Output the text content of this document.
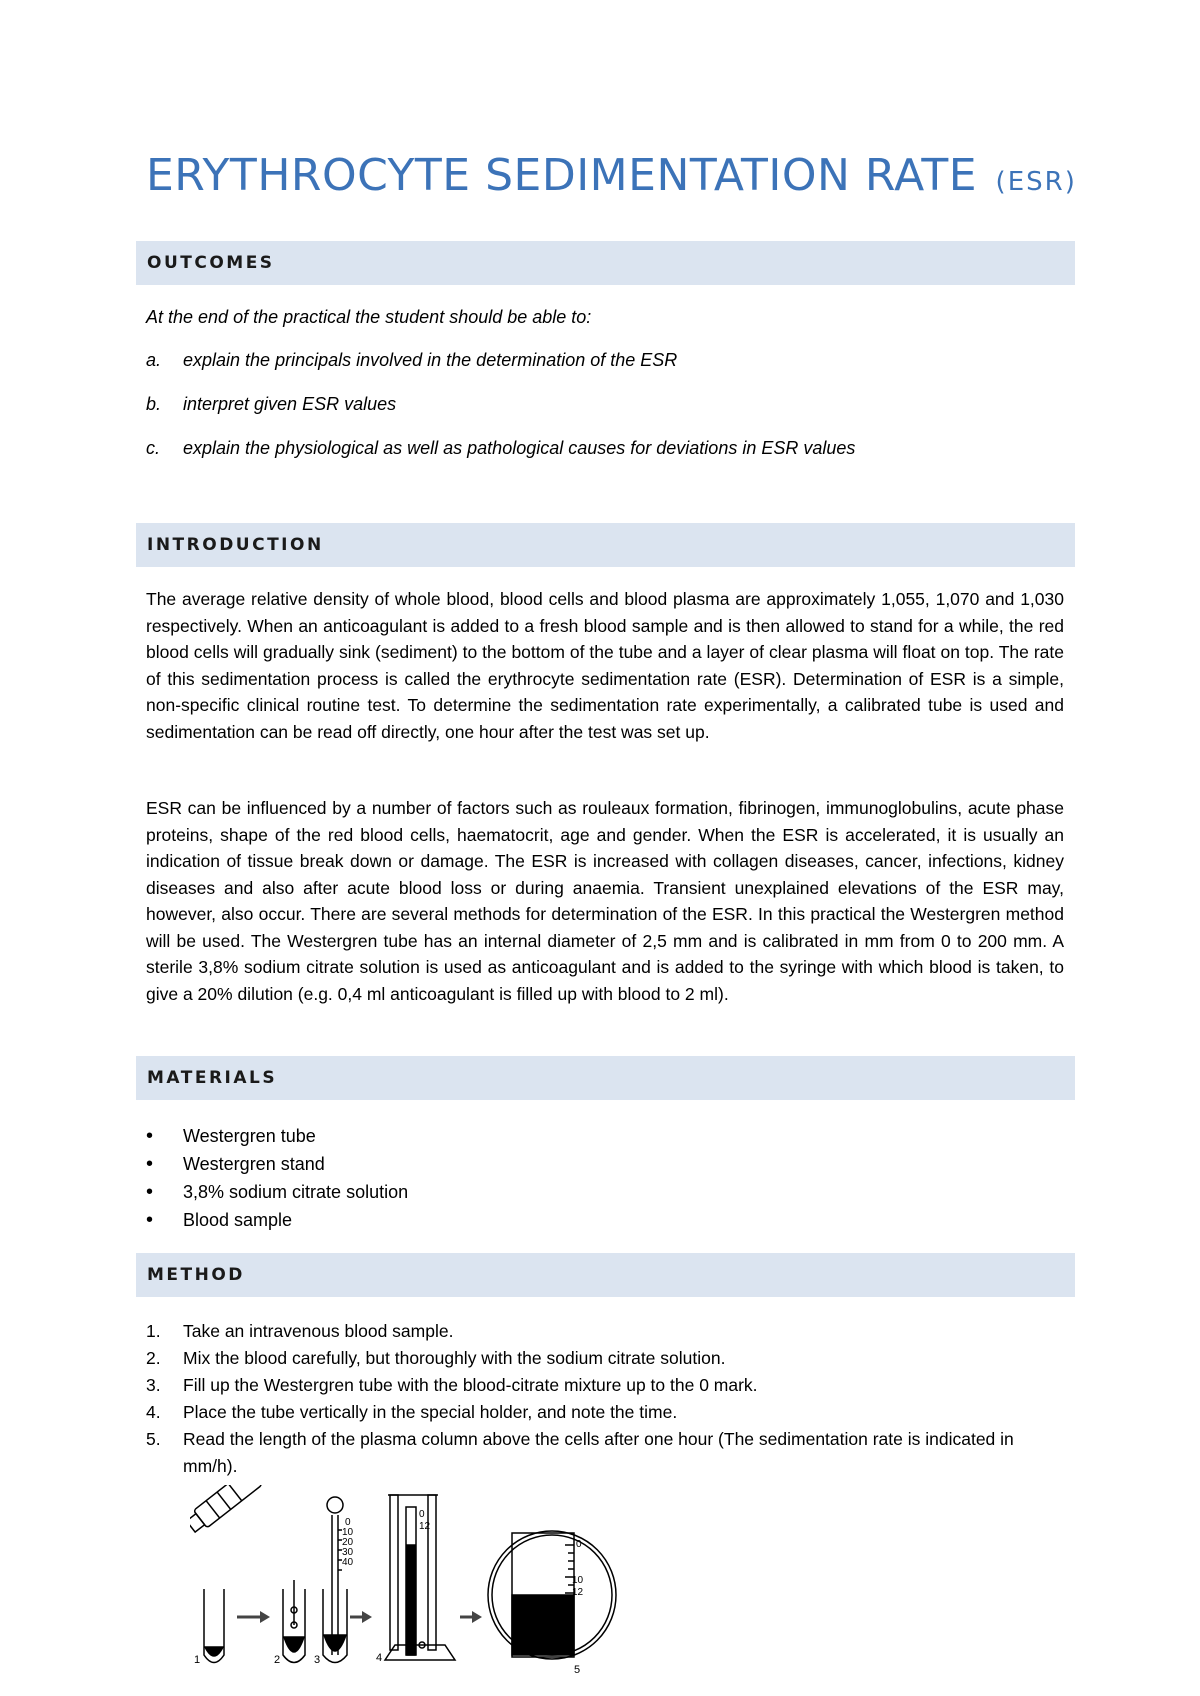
ERYTHROCYTE SEDIMENTATION RATE (ESR)
OUTCOMES
At the end of the practical the student should be able to:
a. explain the principals involved in the determination of the ESR
b. interpret given ESR values
c. explain the physiological as well as pathological causes for deviations in ESR values
INTRODUCTION

The average relative density of whole blood, blood cells and blood plasma are approximately 1,055, 1,070 and 1,030 respectively. When an anticoagulant is added to a fresh blood sample and is then allowed to stand for a while, the red blood cells will gradually sink (sediment) to the bottom of the tube and a layer of clear plasma will float on top. The rate of this sedimentation process is called the erythrocyte sedimentation rate (ESR). Determination of ESR is a simple, non-specific clinical routine test. To determine the sedimentation rate experimentally, a calibrated tube is used and sedimentation can be read off directly, one hour after the test was set up.

ESR can be influenced by a number of factors such as rouleaux formation, fibrinogen, immunoglobulins, acute phase proteins, shape of the red blood cells, haematocrit, age and gender. When the ESR is accelerated, it is usually an indication of tissue break down or damage. The ESR is increased with collagen diseases, cancer, infections, kidney diseases and also after acute blood loss or during anaemia. Transient unexplained elevations of the ESR may, however, also occur. There are several methods for determination of the ESR. In this practical the Westergren method will be used. The Westergren tube has an internal diameter of 2,5 mm and is calibrated in mm from 0 to 200 mm. A sterile 3,8% sodium citrate solution is used as anticoagulant and is added to the syringe with which blood is taken, to give a 20% dilution (e.g. 0,4 ml anticoagulant is filled up with blood to 2 ml).

MATERIALS
• Westergren tube
• Westergren stand
• 3,8% sodium citrate solution
• Blood sample
METHOD
1. Take an intravenous blood sample.
2. Mix the blood carefully, but thoroughly with the sodium citrate solution.
3. Fill up the Westergren tube with the blood-citrate mixture up to the 0 mark.
4. Place the tube vertically in the special holder, and note the time.
5. Read the length of the plasma column above the cells after one hour (The sedimentation rate is indicated in mm/h).
1	2	3	4
5
0
10
20
30
40
0
12
0
10
12
